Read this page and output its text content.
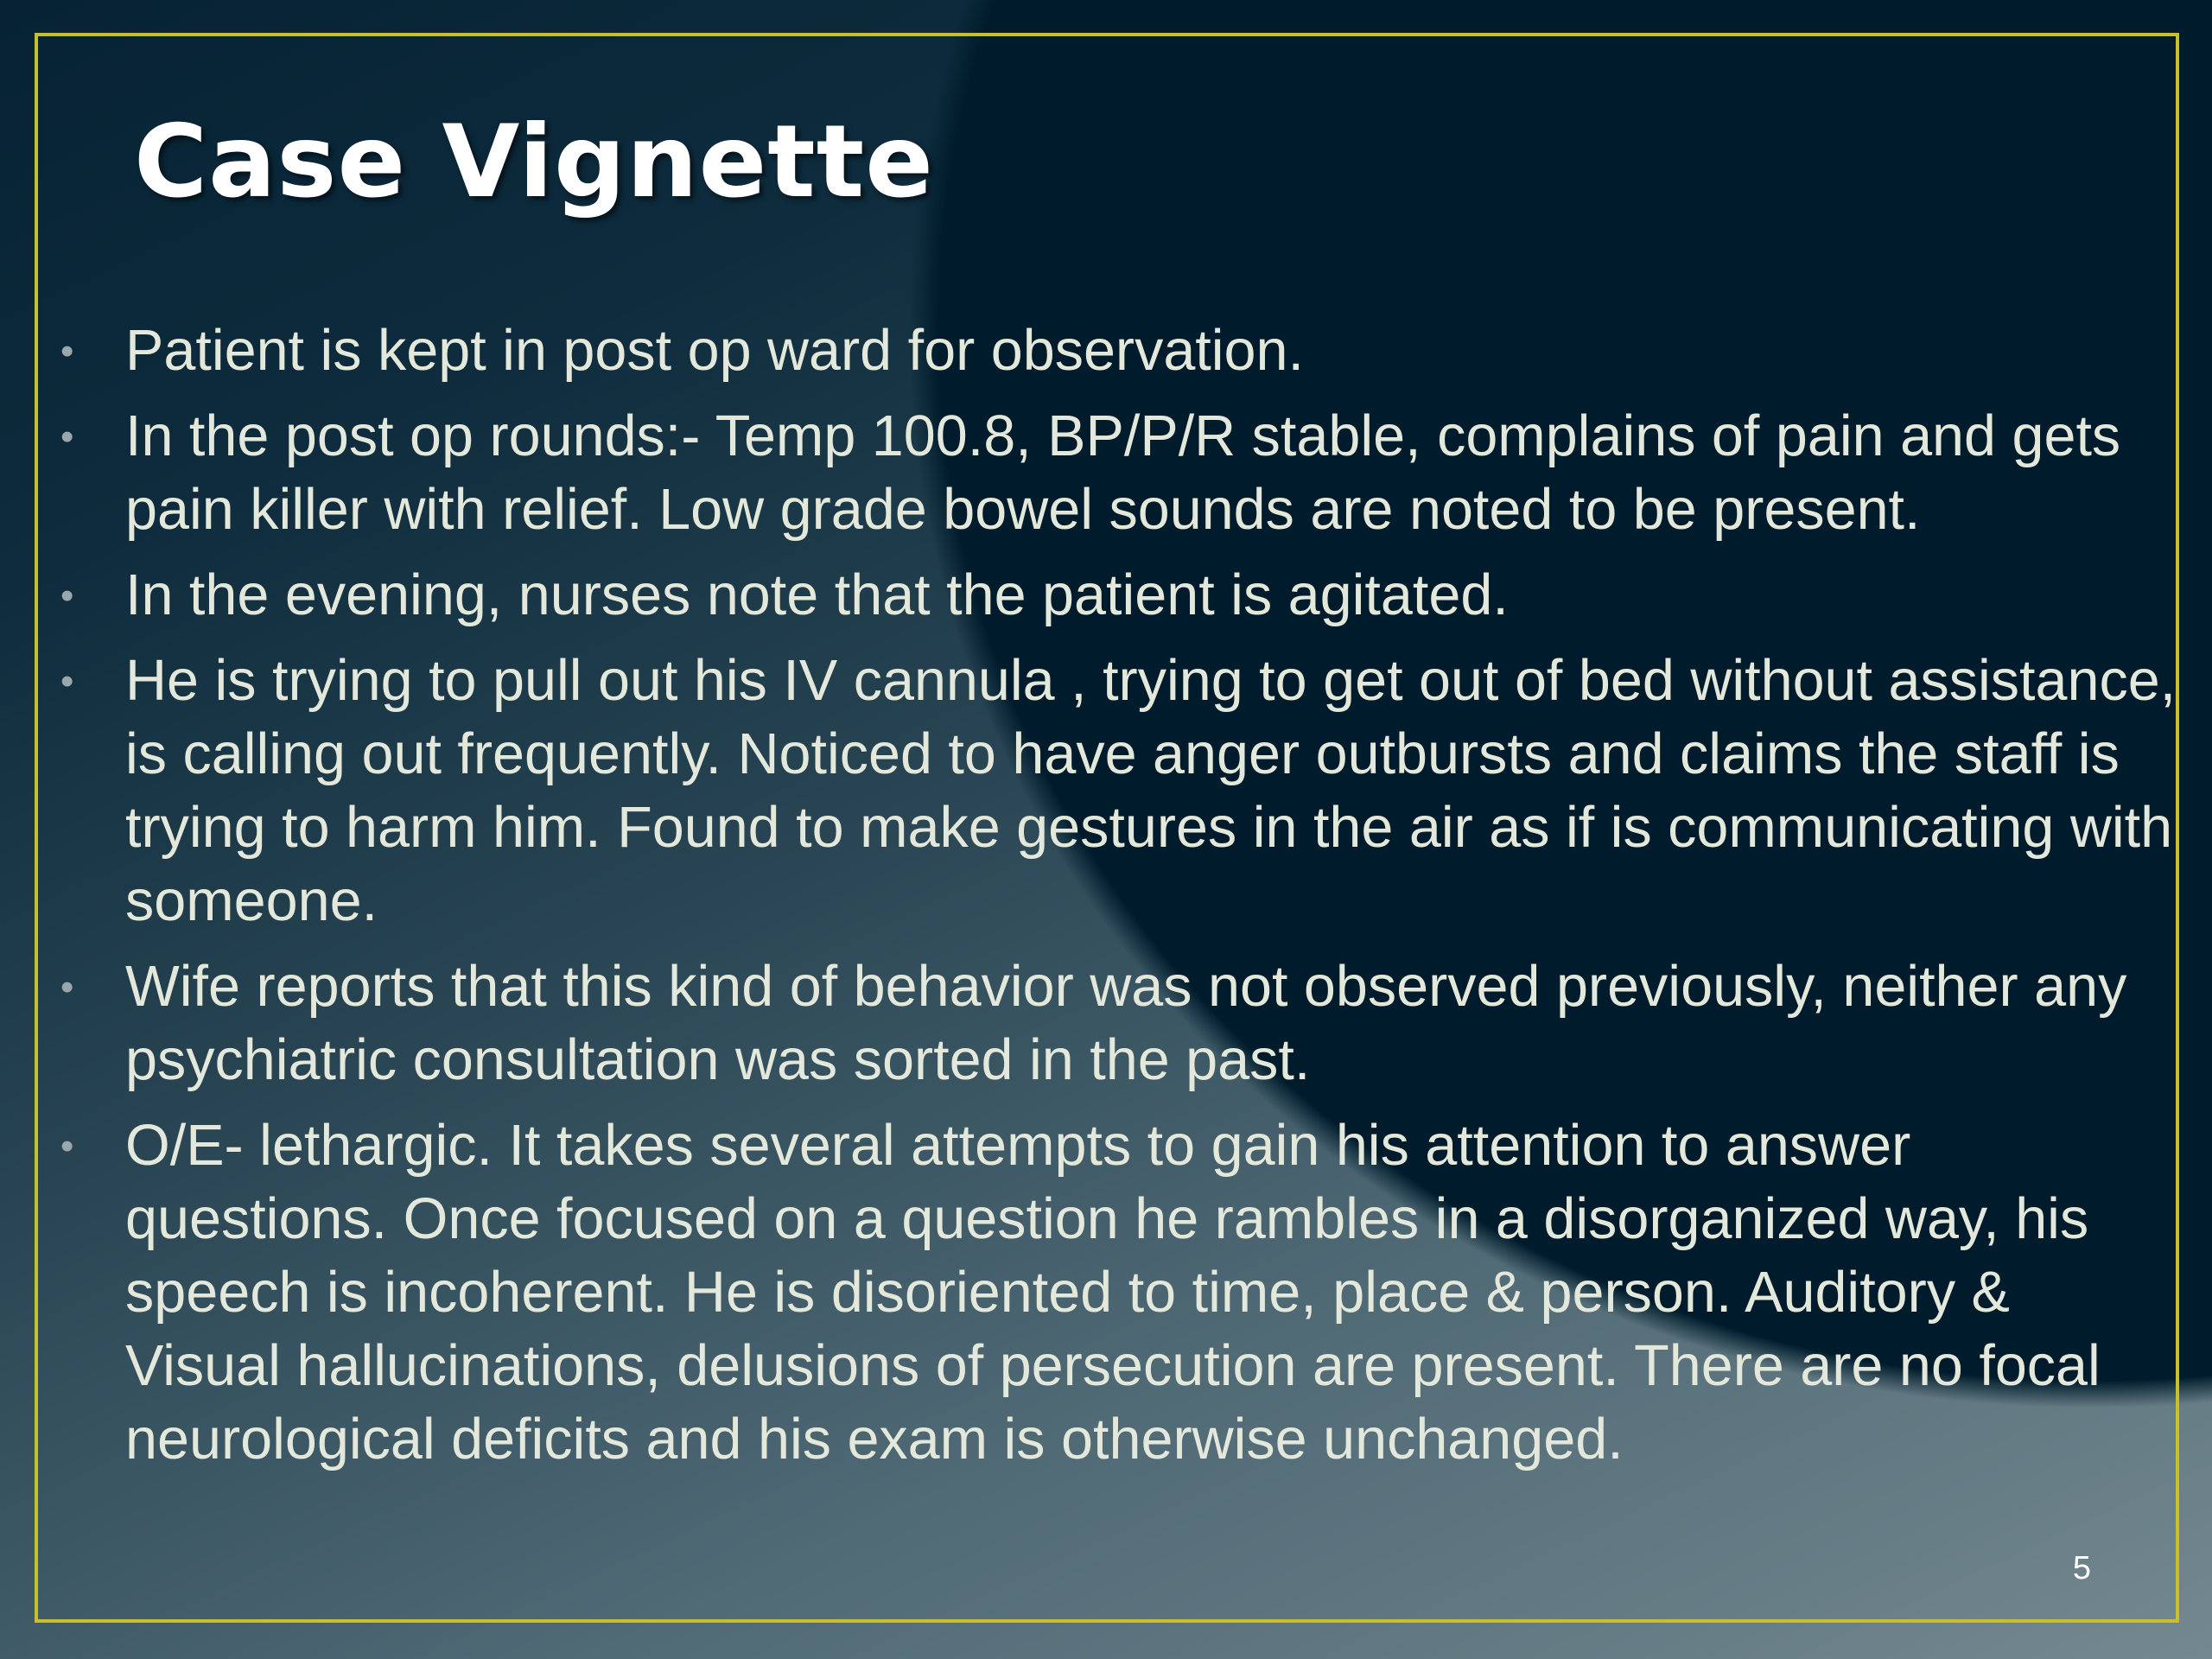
Case Vignette
• Patient is kept in post op ward for observation.
• In the post op rounds:- Temp 100.8, BP/P/R stable, complains of pain and gets pain killer with relief. Low grade bowel sounds are noted to be present.
• In the evening, nurses note that the patient is agitated.
• He is trying to pull out his IV cannula , trying to get out of bed without assistance, is calling out frequently. Noticed to have anger outbursts and claims the staff is trying to harm him. Found to make gestures in the air as if is communicating with someone.
• Wife reports that this kind of behavior was not observed previously, neither any psychiatric consultation was sorted in the past.
• O/E- lethargic. It takes several attempts to gain his attention to answer questions. Once focused on a question he rambles in a disorganized way, his speech is incoherent. He is disoriented to time, place & person. Auditory & Visual hallucinations, delusions of persecution are present. There are no focal neurological deficits and his exam is otherwise unchanged.
5
